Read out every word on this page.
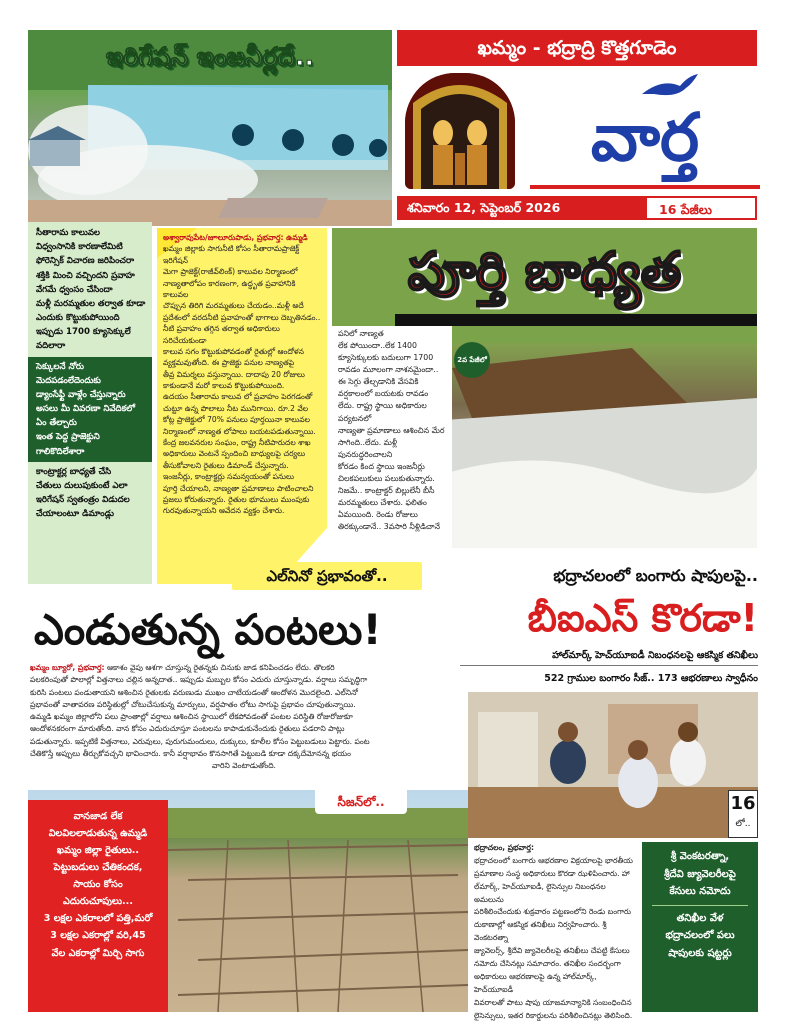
ఇరిగేషన్ ఇంజనీర్లదే..	ఖమ్మం - భద్రాద్రి కొత్తగూడెం
వార్త
శనివారం 12, సెప్టెంబర్ 2026	16 పేజీలు
సీతారామ కాలువల
విధ్వంసానికి కారణాలేమిటి
ఫోరెన్సిక్ విచారణ జరిపించరా
శక్తికి మించి వచ్చిందని ప్రవాహ
వేగమే ధ్వంసం చేసిందా
మళ్లీ మరమ్మతుల తర్వాత కూడా
ఎందుకు కొట్టుకుపోయింది
ఇప్పుడు 1700 క్యూసెక్కులే
వదిలారా
సెక్కులనే నోరు
మెదపడంలేదెందుకు
డ్యాంసేఫ్టీ వాళ్లేం చేస్తున్నారు
అసలు మీ వివరణా నివేదికలో
ఏం తేల్చారు
ఇంత పెద్ద ప్రాజెక్టుని
గాలికొదిలేశారా
కాంట్రాక్టర్ల బాధ్యతే చేసి
చేతులు దులుపుకుంటే ఎలా
ఇరిగేషన్ స్వతంత్రం విడుదల
చేయాలంటూ డిమాండ్లు
అశ్వారావుపేట/జూలూరుపాడు, ప్రభవార్త: ఉమ్మడి
ఖమ్మం జిల్లాకు సాగునీటి కోసం సీతారామప్రాజెక్ట్ ఇరిగేషన్
మెగా ప్రాజెక్ట్(రాజీవ్‌లింక్) కాలువల నిర్మాణంలో
నాణ్యతాలోపం కారణంగా, ఉద్ధృత ప్రవాహానికి కాలువల
చొప్పున తిరిగి మరమ్మతులు చేయడం..మళ్లీ అదే
ప్రదేశంలో వరదనీటి ప్రవాహంతో భాగాలు దెబ్బతినడం..
నీటి ప్రవాహం తగ్గిన తర్వాత అధికారులు సరిచేయకుండా
కాలువ సగం కొట్టుకుపోవడంతో రైతుల్లో ఆందోళన
వ్యక్తమవుతోంది. ఈ ప్రాజెక్టు పనుల నాణ్యతపై
తీవ్ర విమర్శలు వస్తున్నాయి. దాదాపు 20 రోజులు
కాకుండానే మరో కాలువ కొట్టుకుపోయింది.
ఉదయం సీతారామ కాలువ లో ప్రవాహం పెరగడంతో
చుట్టూ ఉన్న పొలాలు నీట మునిగాయి. రూ.2 వేల
కోట్ల ప్రాజెక్టులో 70% పనులు పూర్తయినా కాలువల
నిర్మాణంలో నాణ్యత లోపాలు బయటపడుతున్నాయి.
కేంద్ర జలవనరుల సంఘం, రాష్ట్ర నీటిపారుదల శాఖ
అధికారులు వెంటనే స్పందించి బాధ్యులపై చర్యలు
తీసుకోవాలని రైతులు డిమాండ్ చేస్తున్నారు.
ఇంజనీర్లు, కాంట్రాక్టర్లు సమన్వయంతో పనులు
పూర్తి చేయాలని, నాణ్యతా ప్రమాణాలు పాటించాలని
ప్రజలు కోరుతున్నారు. రైతుల భూములు ముంపుకు
గురవుతున్నాయని ఆవేదన వ్యక్తం చేశారు.
పూర్తి బాధ్యత
పనిలో నాణ్యత
లేక పోయిందా..లేక 1400
క్యూసెక్కులకు బదులుగా 1700
రావడం మూలంగా నాశనమైందా..
ఈ సెగ్గు తేల్చడానికి వేసవికి
వర్షకాలంలో బయటకు రావడం
లేదు. రాష్ట్ర స్థాయి అధికారుల పర్యటనలో
నాణ్యతా ప్రమాణాలు ఆశించిన మేర
సాగింది..లేదు. మళ్లీ పునరుద్ధరించాలని
కోరడం కింద స్థాయి ఇంజనీర్లు
చిలకపలుకులు పలుకుతున్నారు.
నిజమే.. కాంట్రాక్టర్ బిల్లులేనీ బీసీ
మరమ్మతులు చేశారు. ఫలితం
ఏమయింది. రెండు రోజులు
తిరక్కుండానే.. 3వసారి నీళ్లిడిచానే
2వ పేజీలో
ఎల్‌నినో ప్రభావంతో..
ఎండుతున్న పంటలు!
ఖమ్మం బ్యూరో, ప్రభవార్త: ఆకాశం వైపు ఆశగా చూస్తున్న రైతన్నకు చినుకు జాడ కనిపించడం లేదు. తొలకరి
పలకరింపుతో పొలాల్లో విత్తనాలు చల్లిన అన్నదాత.. ఇప్పుడు మబ్బుల కోసం ఎదురు చూస్తున్నాడు. వర్షాలు సమృద్ధిగా
కురిసి పంటలు పండుతాయని ఆశించిన రైతులకు వరుణుడు ముఖం చాటేయడంతో ఆందోళన మొదలైంది. ఎల్‌నినో
ప్రభావంతో వాతావరణ పరిస్థితుల్లో చోటుచేసుకున్న మార్పులు, వర్షపాతం లోటు సాగుపై ప్రభావం చూపుతున్నాయి.
ఉమ్మడి ఖమ్మం జిల్లాలోని పలు ప్రాంతాల్లో వర్షాలు ఆశించిన స్థాయిలో లేకపోవడంతో పంటల పరిస్థితి రోజురోజుకూ
ఆందోళనకరంగా మారుతోంది. వాన కోసం ఎదురుచూస్తూ పంటలను కాపాడుకునేందుకు రైతులు పడరాని పాట్లు
పడుతున్నారు. ఇప్పటికే విత్తనాలు, ఎరువులు, పురుగుమందులు, దుక్కులు, కూలీల కోసం పెట్టుబడులు పెట్టారు. పంట
చేతికొస్తే అప్పులు తీర్చుకోవచ్చని భావించారు. కానీ వర్షాభావం కొనసాగితే పెట్టుబడి కూడా దక్కదేమోనన్న భయం
వారిని వెంటాడుతోంది.
సీజన్‌లో..
వానజాడ లేక
విలవిలలాడుతున్న ఉమ్మడి
ఖమ్మం జిల్లా రైతులు..
పెట్టుబడులు చేతికందక,
సాయం కోసం
ఎదురుచూపులు...
3 లక్షల ఎకరాలలో పత్తి,మరో
3 లక్షల ఎకరాల్లో వరి,45
వేల ఎకరాల్లో మిర్చి సాగు
భద్రాచలంలో బంగారు షాపులపై..
బీఐఎస్ కొరడా!
హాల్‌మార్క్ హెచ్‌యూఐడీ నిబంధనలపై ఆకస్మిక తనిఖీలు
522 గ్రాముల బంగారం సీజ్.. 173 ఆభరణాలు స్వాధీనం
16
లో..
భద్రాచలం, ప్రభవార్త:
భద్రాచలంలో బంగారు ఆభరణాల విక్రయాలపై భారతీయ
ప్రమాణాల సంస్థ అధికారులు కొరడా ఝళిపించారు. హా
ల్‌మార్క్, హెచ్‌యూఐడీ, లైసెన్సుల నిబంధనల అమలును
పరిశీలించేందుకు శుక్రవారం పట్టణంలోని రెండు బంగారు
దుకాణాల్లో ఆకస్మిక తనిఖీలు నిర్వహించారు. శ్రీ వెంకటరత్నా
జ్యువెలర్స్, శ్రీదేవి జ్యువెలరీలపై తనిఖీలు చేపట్టి కేసులు
నమోదు చేసినట్లు సమాచారం. తనిఖీల సందర్భంగా
అధికారులు ఆభరణాలపై ఉన్న హాల్‌మార్క్, హెచ్‌యూఐడీ
వివరాలతో పాటు షాపు యాజమాన్యానికి సంబంధించిన
లైసెన్సులు, ఇతర రికార్డులను పరిశీలించినట్లు తెలిసింది.
శ్రీ వెంకటరత్నా,
శ్రీదేవి జ్యువెలరీలపై
కేసులు నమోదు
తనిఖీల వేళ
భద్రాచలంలో పలు
షాపులకు షట్టర్లు
